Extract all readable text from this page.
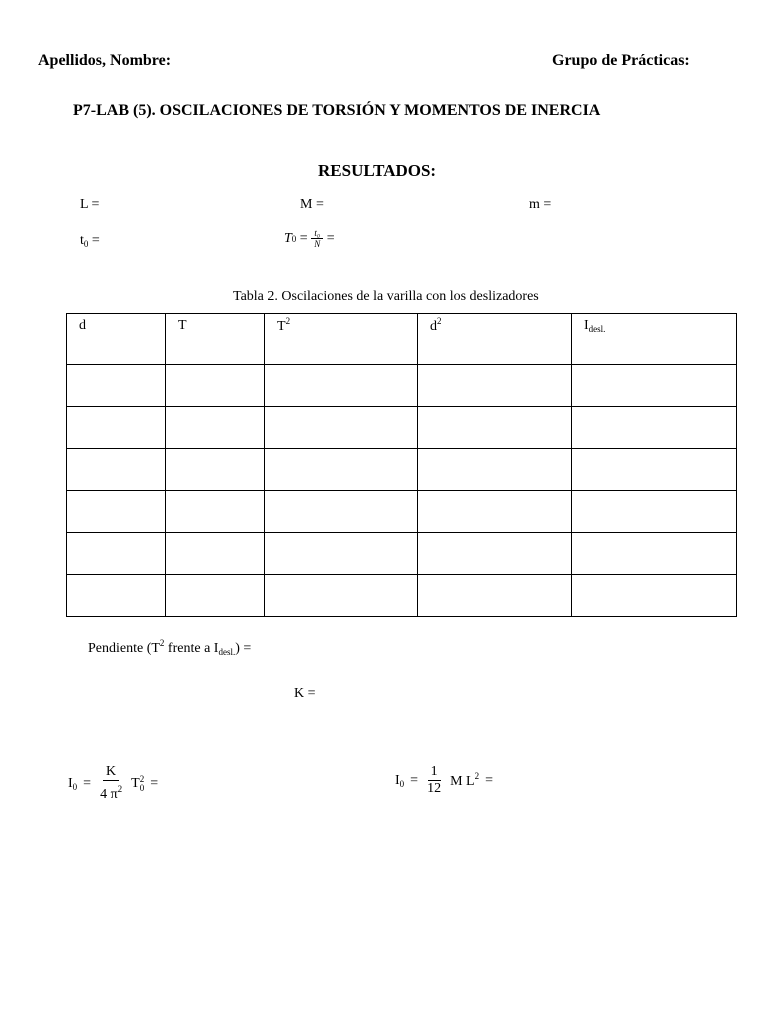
Apellidos, Nombre:	Grupo de Prácticas:
P7-LAB (5). OSCILACIONES DE TORSIÓN Y MOMENTOS DE INERCIA
RESULTADOS:
L =	M =	m =
$t_0$ =	T $0 = \frac{\text{t₀}}{N}$ =
Tabla 2. Oscilaciones de la varilla con los deslizadores
d	T	$T^2$	$d^2$	$I_{desl.}$

Pendiente ($T^2$ frente a $I_{desl.}$) =
K =
$I_0 = \frac{K}{4 \pi^2}$ T 2
0 =	$I_0 = \frac{1}{12}$ M $L^2$ =
